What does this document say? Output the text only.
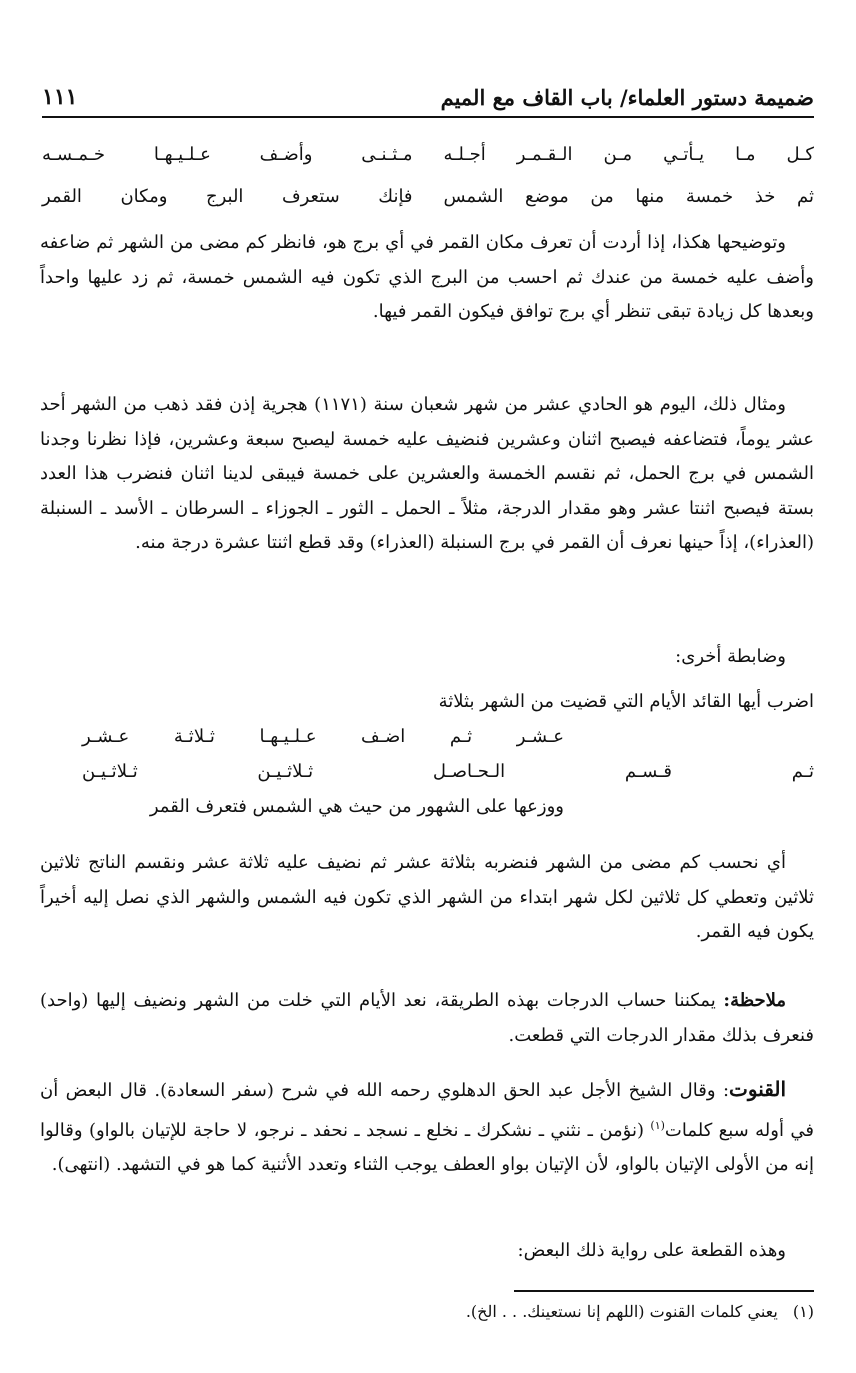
ضميمة دستور العلماء/ باب القاف مع الميم
١١١
كـل مـا يـأتـي مـن الـقـمـر أجـلـه
مـثـنـى وأضـف عـلـيـهـا خـمـسـه
ثم خذ خمسة منها من موضع الشمس
فإنك ستعرف البرج ومكان القمر

وتوضيحها هكذا، إذا أردت أن تعرف مكان القمر في أي برج هو، فانظر كم مضى من الشهر ثم ضاعفه وأضف عليه خمسة من عندك ثم احسب من البرج الذي تكون فيه الشمس خمسة، ثم زد عليها واحداً وبعدها كل زيادة تبقى تنظر أي برج توافق فيكون القمر فيها.

ومثال ذلك، اليوم هو الحادي عشر من شهر شعبان سنة (١١٧١) هجرية إذن فقد ذهب من الشهر أحد عشر يوماً، فتضاعفه فيصبح اثنان وعشرين فنضيف عليه خمسة ليصبح سبعة وعشرين، فإذا نظرنا وجدنا الشمس في برج الحمل، ثم نقسم الخمسة والعشرين على خمسة فيبقى لدينا اثنان فنضرب هذا العدد بستة فيصبح اثنتا عشر وهو مقدار الدرجة، مثلاً ـ الحمل ـ الثور ـ الجوزاء ـ السرطان ـ الأسد ـ السنبلة (العذراء)، إذاً حينها نعرف أن القمر في برج السنبلة (العذراء) وقد قطع اثنتا عشرة درجة منه.

وضابطة أخرى:

اضرب أيها القائد الأيام التي قضيت من الشهر بثلاثة
عـشـر ثـم اضـف عـلـيـهـا ثـلاثـة عـشـر
ثـم قـسـم الـحـاصـل ثـلاثـيـن ثـلاثـيـن
ووزعها على الشهور من حيث هي الشمس فتعرف القمر

أي نحسب كم مضى من الشهر فنضربه بثلاثة عشر ثم نضيف عليه ثلاثة عشر ونقسم الناتج ثلاثين ثلاثين وتعطي كل ثلاثين لكل شهر ابتداء من الشهر الذي تكون فيه الشمس والشهر الذي نصل إليه أخيراً يكون فيه القمر.

ملاحظة: يمكننا حساب الدرجات بهذه الطريقة، نعد الأيام التي خلت من الشهر ونضيف إليها (واحد) فنعرف بذلك مقدار الدرجات التي قطعت.

القنوت: وقال الشيخ الأجل عبد الحق الدهلوي رحمه الله في شرح (سفر السعادة). قال البعض أن في أوله سبع كلمات$^{(١)}$ (نؤمن ـ نثني ـ نشكرك ـ نخلع ـ نسجد ـ نحفد ـ نرجو، لا حاجة للإتيان بالواو) وقالوا إنه من الأولى الإتيان بالواو، لأن الإتيان بواو العطف يوجب الثناء وتعدد الأثنية كما هو في التشهد. (انتهى).

وهذه القطعة على رواية ذلك البعض:

(١) يعني كلمات القنوت (اللهم إنا نستعينك. . . الخ).
